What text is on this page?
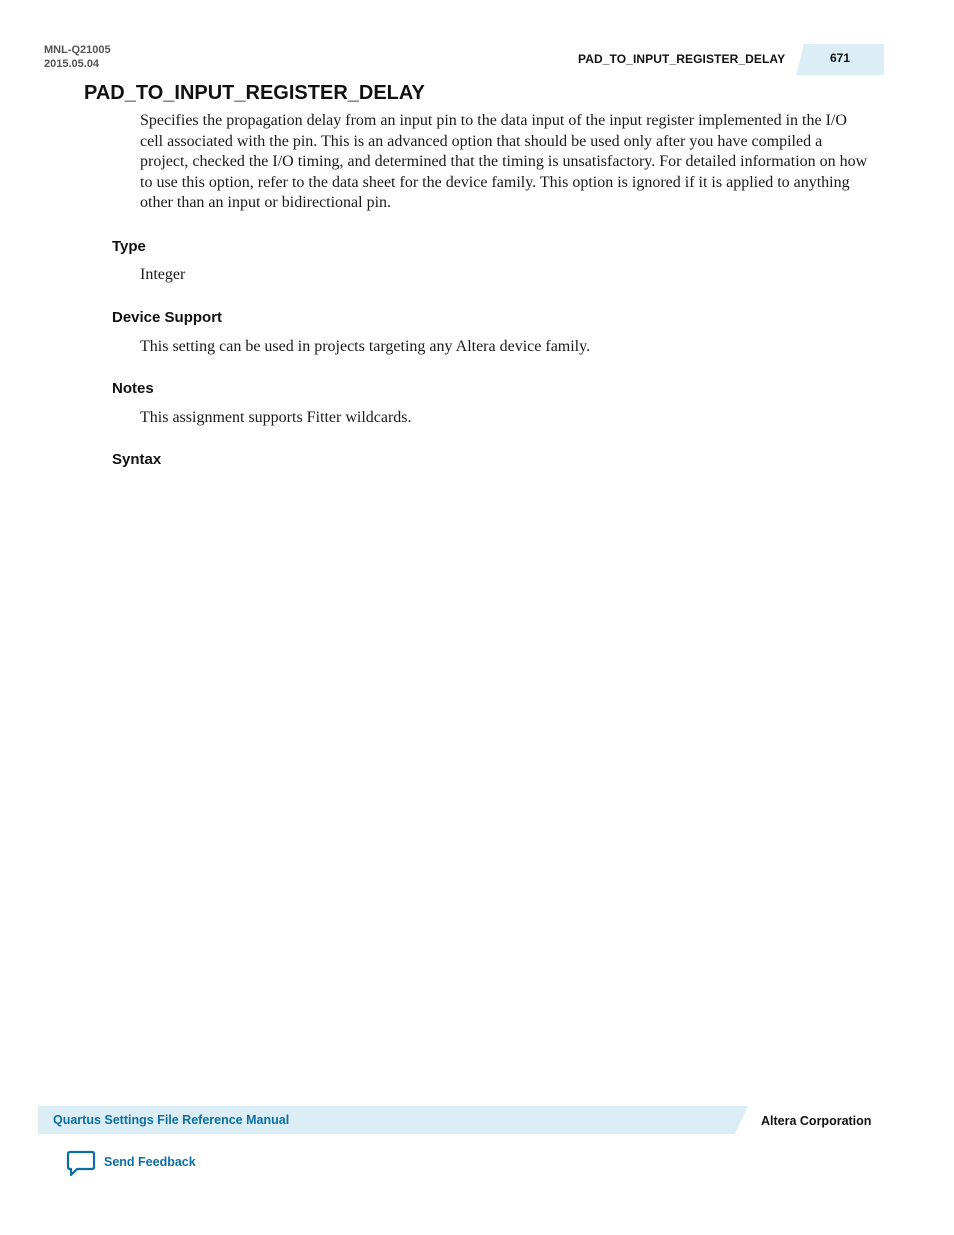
MNL-Q21005
2015.05.04	PAD_TO_INPUT_REGISTER_DELAY	671
PAD_TO_INPUT_REGISTER_DELAY
Specifies the propagation delay from an input pin to the data input of the input register implemented in the I/O cell associated with the pin. This is an advanced option that should be used only after you have compiled a project, checked the I/O timing, and determined that the timing is unsatisfactory. For detailed information on how to use this option, refer to the data sheet for the device family. This option is ignored if it is applied to anything other than an input or bidirectional pin.
Type
Integer
Device Support
This setting can be used in projects targeting any Altera device family.
Notes
This assignment supports Fitter wildcards.
Syntax
Quartus Settings File Reference Manual	Altera Corporation
Send Feedback
